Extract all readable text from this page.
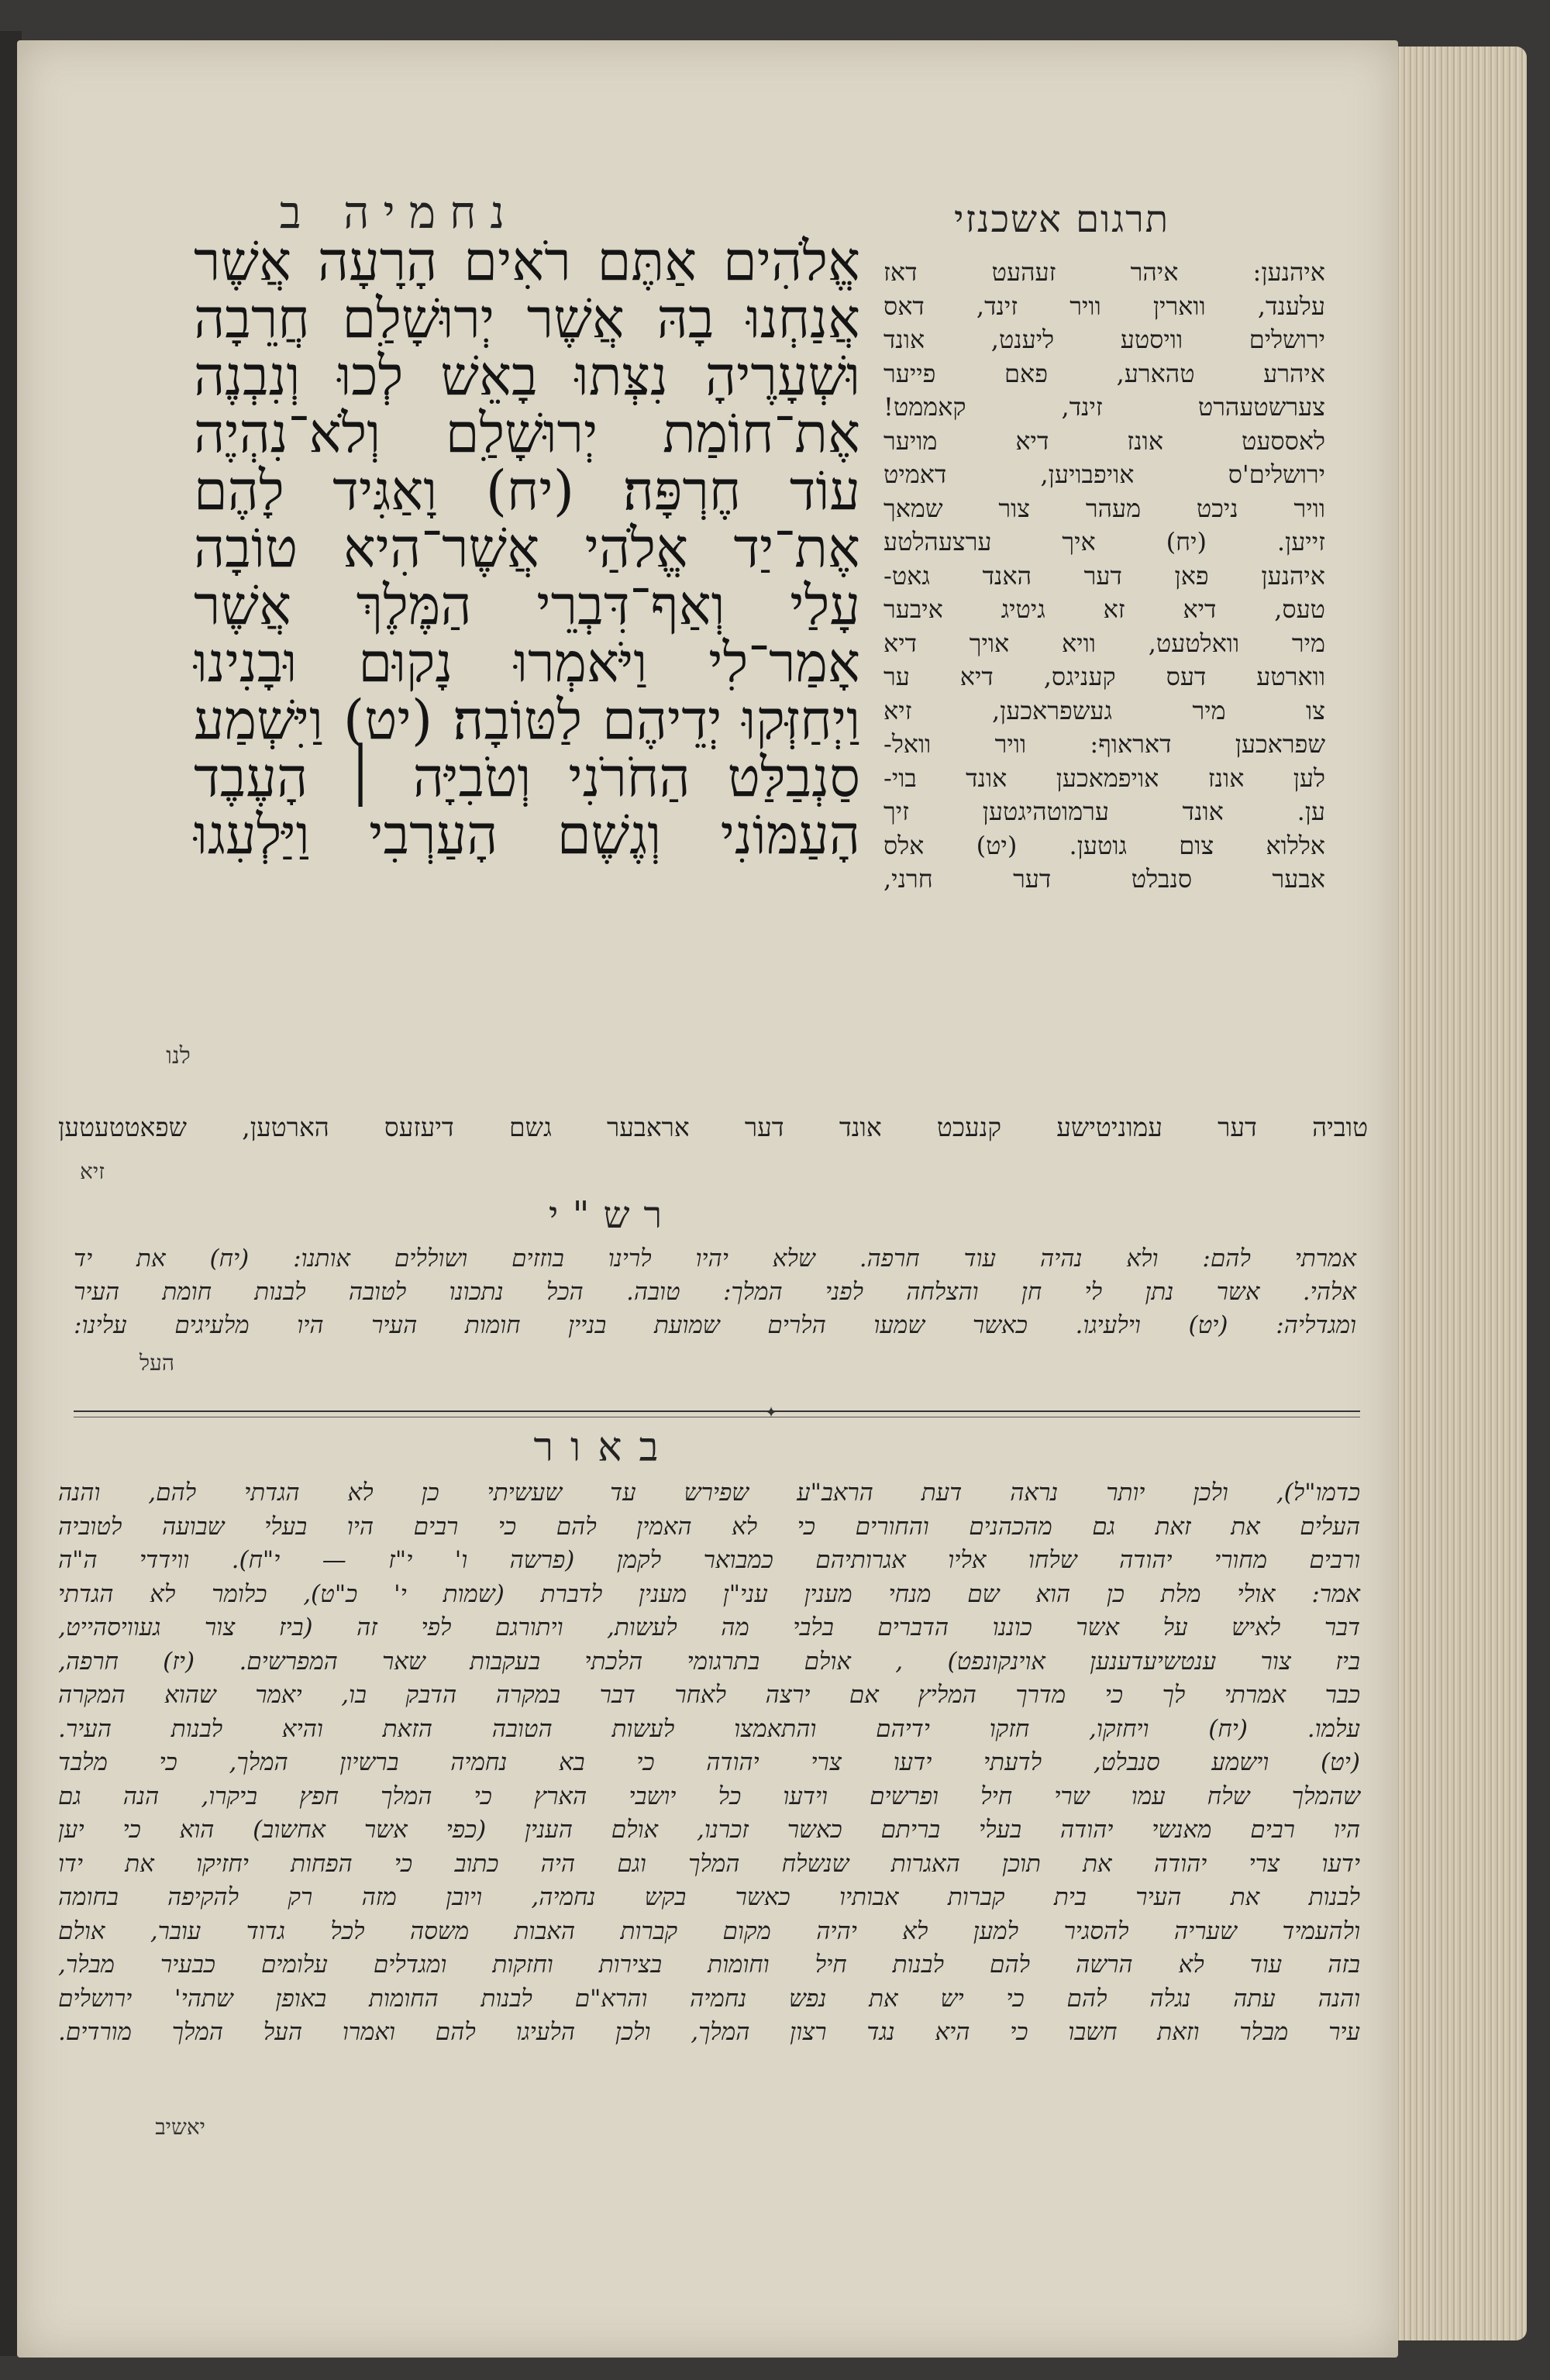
תרגום אשכנזי
נחמיה ב
אֱלֹהִים אַתֶּם רֹאִים הָרָעָה אֲשֶׁר
אֲנַחְנוּ בָהּ אֲשֶׁר יְרוּשָׁלִַם חֲרֵבָה
וּשְׁעָרֶיהָ נִצְּתוּ בָאֵשׁ לְכוּ וְנִבְנֶה
אֶת־חוֹמַת יְרוּשָׁלִַם וְלֹא־נִהְיֶה
עוֹד חֶרְפָּה׃ (יח) וָאַגִּיד לָהֶם
אֶת־יַד אֱלֹהַי אֲשֶׁר־הִיא טוֹבָה
עָלַי וְאַף־דִּבְרֵי הַמֶּלֶךְ אֲשֶׁר
אָמַר־לִי וַיֹּאמְרוּ נָקוּם וּבָנִינוּ
וַיְחַזְּקוּ יְדֵיהֶם לַטּוֹבָה׃ (יט) וַיִּשְׁמַע
סַנְבַלַּט הַחֹרֹנִי וְטֹבִיָּה ׀ הָעֶבֶד
הָעַמּוֹנִי וְגֶשֶׁם הָעַרְבִי וַיַּלְעִגוּ
לנו
איהנען: איהר זעהעט דאז
עלענד, ווארין וויר זינד, דאס
ירושלים וויסטע ליענט, אונד
איהרע טהארע, פאם פייער
צערשטעהרט זינד, קאממט!
לאססעט אונז דיא מויער
ירושלים'ס אויפבויען, דאמיט
וויר ניכט מעהר צור שמאך
זייען. (יח) איך ערצעהלטע
איהנען פאן דער האנד גאט-
טעס, דיא זא גיטיג איבער
מיר וואלטעט, וויא אויך דיא
ווארטע דעס קעניגס, דיא ער
צו מיר געשפראכען, זיא
שפראכען דאראוף: וויר וואל-
לען אונז אויפמאכען אונד בוי-
ען. אונד ערמוטהיגטען זיך
אללוא צום גוטען. (יט) אלס
אבער סנבלט דער חרני,
טוביה דער עמוניטישע קנעכט אונד דער אראבער גשם דיעזעס הארטען, שפאטטעטען
זיא
רש"י
אמרתי להם: ולא נהיה עוד חרפה. שלא יהיו לרינו בוזזים ושוללים אותנו: (יח) את יד
אלהי. אשר נתן לי חן והצלחה לפני המלך: טובה. הכל נתכונו לטובה לבנות חומת העיר
ומגדליה: (יט) וילעיגו. כאשר שמעו הלרים שמועת בניין חומות העיר היו מלעיגים עלינו:
העל
✦
באור
כדמו"ל), ולכן יותר נראה דעת הראב"ע שפירש עד שעשיתי כן לא הגדתי להם, והנה
העלים את זאת גם מהכהנים והחורים כי לא האמין להם כי רבים היו בעלי שבועה לטוביה
ורבים מחורי יהודה שלחו אליו אגרותיהם כמבואר לקמן (פרשה ו' י"ז — י"ח). ווידדי ה"ה
אמר: אולי מלת כן הוא שם מנחי מענין עני"ן מענין לדברת (שמות י' כ"ט), כלומר לא הגדתי
דבר לאיש על אשר כוננו הדברים בלבי מה לעשות, ויתורגם לפי זה (ביז צור געוויסהייט,
ביז צור ענטשיעדענען אוינקונפט) , אולם בתרגומי הלכתי בעקבות שאר המפרשים. (יז) חרפה,
כבר אמרתי לך כי מדרך המליץ אם ירצה לאחר דבר במקרה הדבק בו, יאמר שהוא המקרה
עלמו. (יח) ויחזקו, חזקו ידיהם והתאמצו לעשות הטובה הזאת והיא לבנות העיר.
(יט) וישמע סנבלט, לדעתי ידעו צרי יהודה כי בא נחמיה ברשיון המלך, כי מלבד
שהמלך שלח עמו שרי חיל ופרשים וידעו כל יושבי הארץ כי המלך חפץ ביקרו, הנה גם
היו רבים מאנשי יהודה בעלי בריתם כאשר זכרנו, אולם הענין (כפי אשר אחשוב) הוא כי יען
ידעו צרי יהודה את תוכן האגרות שנשלח המלך וגם היה כתוב כי הפחות יחזיקו את ידו
לבנות את העיר בית קברות אבותיו כאשר בקש נחמיה, ויובן מזה רק להקיפה בחומה
ולהעמיד שעריה להסגיר למען לא יהיה מקום קברות האבות משסה לכל גדוד עובר, אולם
בזה עוד לא הרשה להם לבנות חיל וחומות בצירות וחזקות ומגדלים עלומים כבעיר מבלר,
והנה עתה נגלה להם כי יש את נפש נחמיה והרא"ם לבנות החומות באופן שתהי' ירושלים
עיר מבלר וזאת חשבו כי היא נגד רצון המלך, ולכן הלעיגו להם ואמרו העל המלך מורדים.
יאשיב
